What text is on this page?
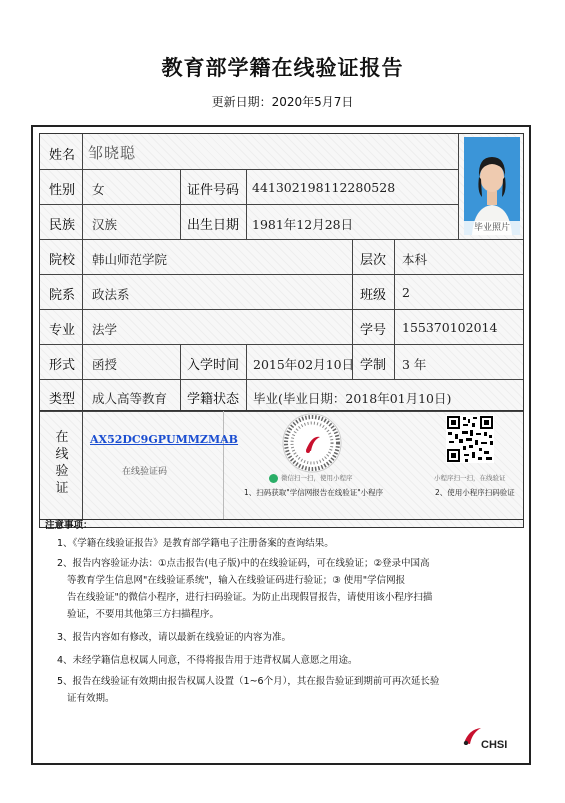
教育部学籍在线验证报告
更新日期：2020年5月7日
姓名 邹晓聪
性别 女	证件号码 441302198112280528
民族 汉族	出生日期 1981年12月28日
院校 韩山师范学院	层次 本科
院系 政法系	班级 2
专业 法学	学号 155370102014
形式 函授	入学时间 2015年02月10日 学制 3 年
类型 成人高等教育 学籍状态 毕业(毕业日期：2018年01月10日)
毕业照片
在
线
验
证
AX52DC9GPUMMZMAB
在线验证码
微信扫一扫，使用小程序
1、扫码获取"学信网报告在线验证"小程序
小程序扫一扫，在线验证
2、使用小程序扫码验证
注意事项：
1、《学籍在线验证报告》是教育部学籍电子注册备案的查询结果。
2、报告内容验证办法：①点击报告(电子版)中的在线验证码，可在线验证；②登录中国高
等教育学生信息网"在线验证系统"，输入在线验证码进行验证；③ 使用"学信网报
告在线验证"的微信小程序，进行扫码验证。为防止出现假冒报告，请使用该小程序扫描
验证，不要用其他第三方扫描程序。
3、报告内容如有修改，请以最新在线验证的内容为准。
4、未经学籍信息权属人同意，不得将报告用于违背权属人意愿之用途。
5、报告在线验证有效期由报告权属人设置（1~6个月），其在报告验证到期前可再次延长验
证有效期。
CHSI
